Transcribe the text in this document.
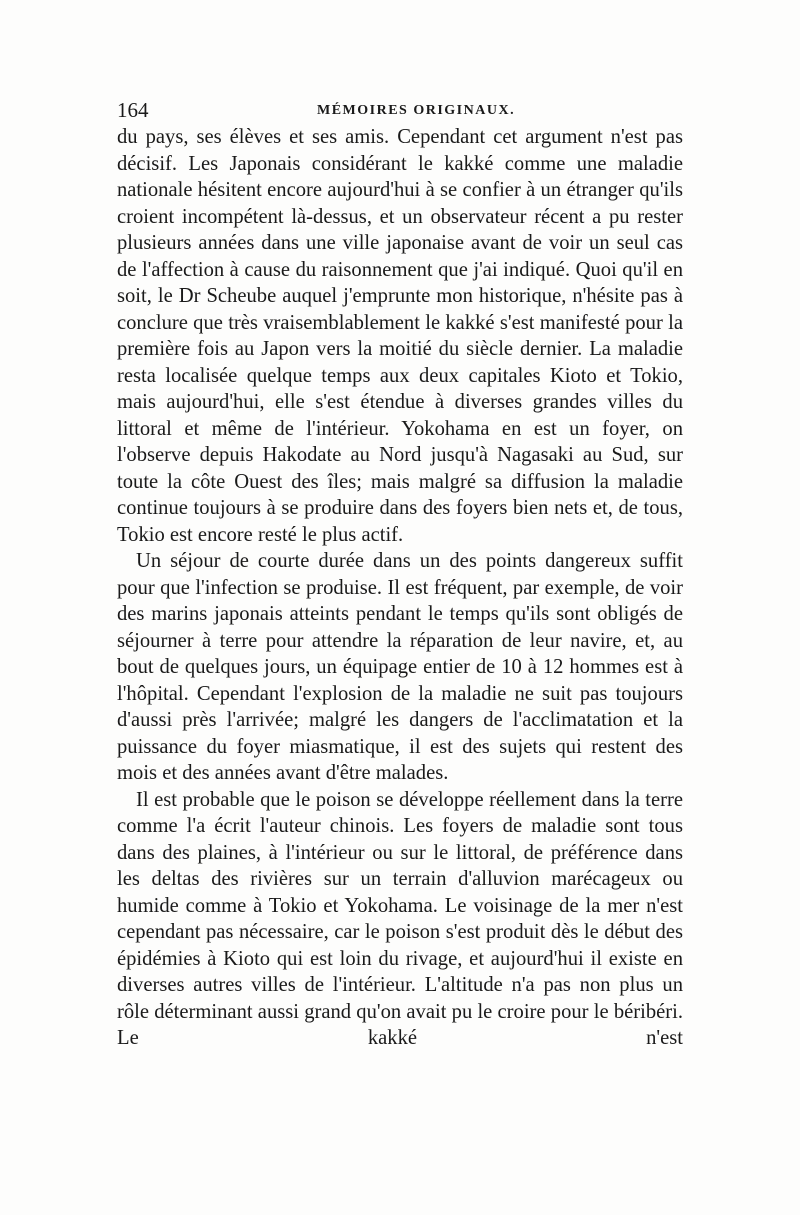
164	MÉMOIRES ORIGINAUX.

du pays, ses élèves et ses amis. Cependant cet argument n'est pas décisif. Les Japonais considérant le kakké comme une maladie nationale hésitent encore aujourd'hui à se confier à un étranger qu'ils croient incompétent là-dessus, et un observateur récent a pu rester plusieurs années dans une ville japonaise avant de voir un seul cas de l'affection à cause du raisonnement que j'ai indiqué. Quoi qu'il en soit, le Dr Scheube auquel j'emprunte mon historique, n'hésite pas à conclure que très vraisemblablement le kakké s'est manifesté pour la première fois au Japon vers la moitié du siècle dernier. La maladie resta localisée quelque temps aux deux capitales Kioto et Tokio, mais aujourd'hui, elle s'est étendue à diverses grandes villes du littoral et même de l'intérieur. Yokohama en est un foyer, on l'observe depuis Hakodate au Nord jusqu'à Nagasaki au Sud, sur toute la côte Ouest des îles; mais malgré sa diffusion la maladie continue toujours à se produire dans des foyers bien nets et, de tous, Tokio est encore resté le plus actif.

Un séjour de courte durée dans un des points dangereux suffit pour que l'infection se produise. Il est fréquent, par exemple, de voir des marins japonais atteints pendant le temps qu'ils sont obligés de séjourner à terre pour attendre la réparation de leur navire, et, au bout de quelques jours, un équipage entier de 10 à 12 hommes est à l'hôpital. Cependant l'explosion de la maladie ne suit pas toujours d'aussi près l'arrivée; malgré les dangers de l'acclimatation et la puissance du foyer miasmatique, il est des sujets qui restent des mois et des années avant d'être malades.

Il est probable que le poison se développe réellement dans la terre comme l'a écrit l'auteur chinois. Les foyers de maladie sont tous dans des plaines, à l'intérieur ou sur le littoral, de préférence dans les deltas des rivières sur un terrain d'alluvion marécageux ou humide comme à Tokio et Yokohama. Le voisinage de la mer n'est cependant pas nécessaire, car le poison s'est produit dès le début des épidémies à Kioto qui est loin du rivage, et aujourd'hui il existe en diverses autres villes de l'intérieur. L'altitude n'a pas non plus un rôle déterminant aussi grand qu'on avait pu le croire pour le béribéri. Le kakké n'est
